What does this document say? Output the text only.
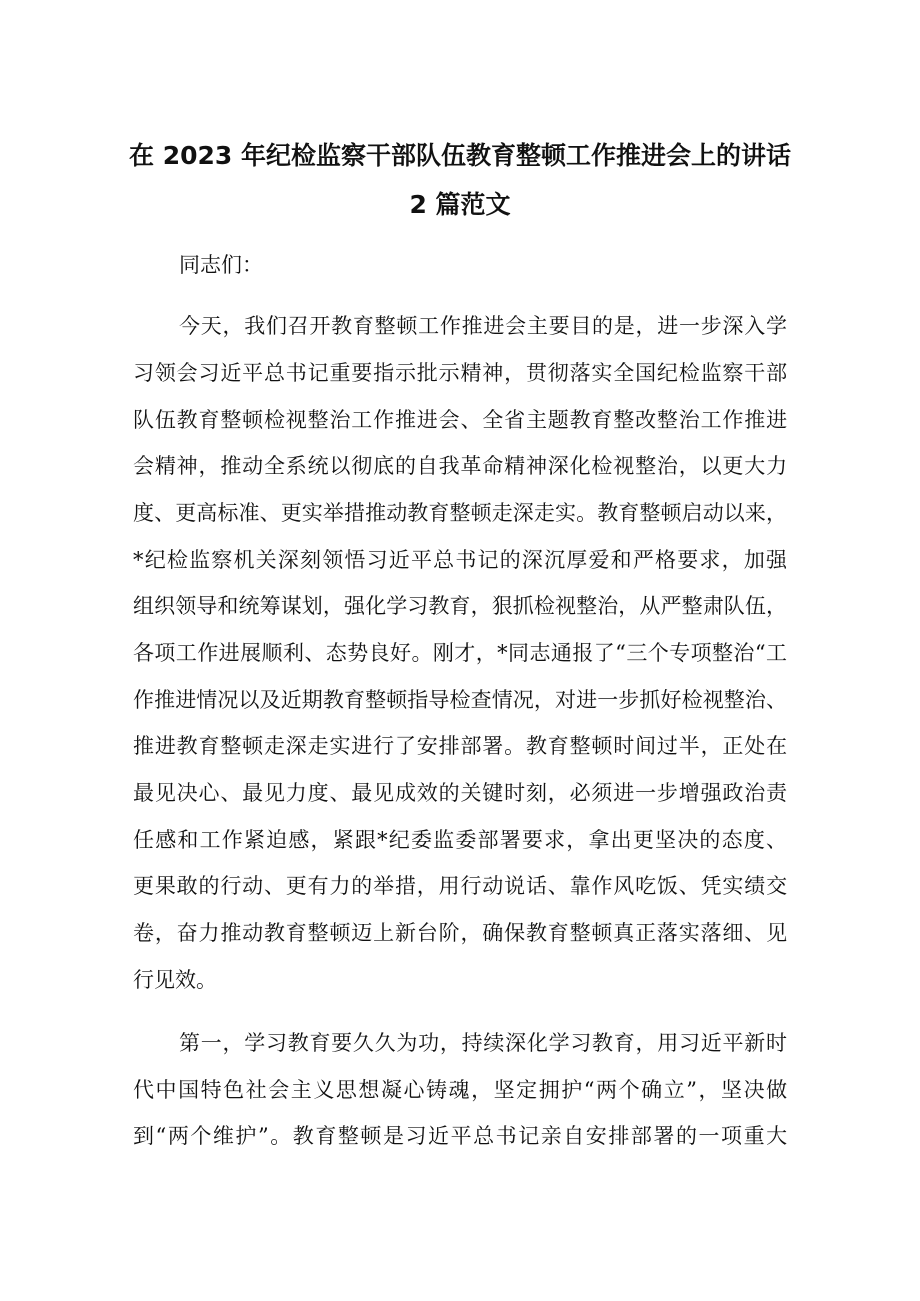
在 2023 年纪检监察干部队伍教育整顿工作推进会上的讲话
2 篇范文
同志们：
今天，我们召开教育整顿工作推进会主要目的是，进一步深入学
习领会习近平总书记重要指示批示精神，贯彻落实全国纪检监察干部
队伍教育整顿检视整治工作推进会、全省主题教育整改整治工作推进
会精神，推动全系统以彻底的自我革命精神深化检视整治，以更大力
度、更高标准、更实举措推动教育整顿走深走实。教育整顿启动以来，
*纪检监察机关深刻领悟习近平总书记的深沉厚爱和严格要求，加强
组织领导和统筹谋划，强化学习教育，狠抓检视整治，从严整肃队伍，
各项工作进展顺利、态势良好。刚才，*同志通报了“三个专项整治“工
作推进情况以及近期教育整顿指导检查情况，对进一步抓好检视整治、
推进教育整顿走深走实进行了安排部署。教育整顿时间过半，正处在
最见决心、最见力度、最见成效的关键时刻，必须进一步增强政治责
任感和工作紧迫感，紧跟*纪委监委部署要求，拿出更坚决的态度、
更果敢的行动、更有力的举措，用行动说话、靠作风吃饭、凭实绩交
卷，奋力推动教育整顿迈上新台阶，确保教育整顿真正落实落细、见
行见效。
第一，学习教育要久久为功，持续深化学习教育，用习近平新时
代中国特色社会主义思想凝心铸魂，坚定拥护“两个确立”，坚决做
到“两个维护”。教育整顿是习近平总书记亲自安排部署的一项重大
